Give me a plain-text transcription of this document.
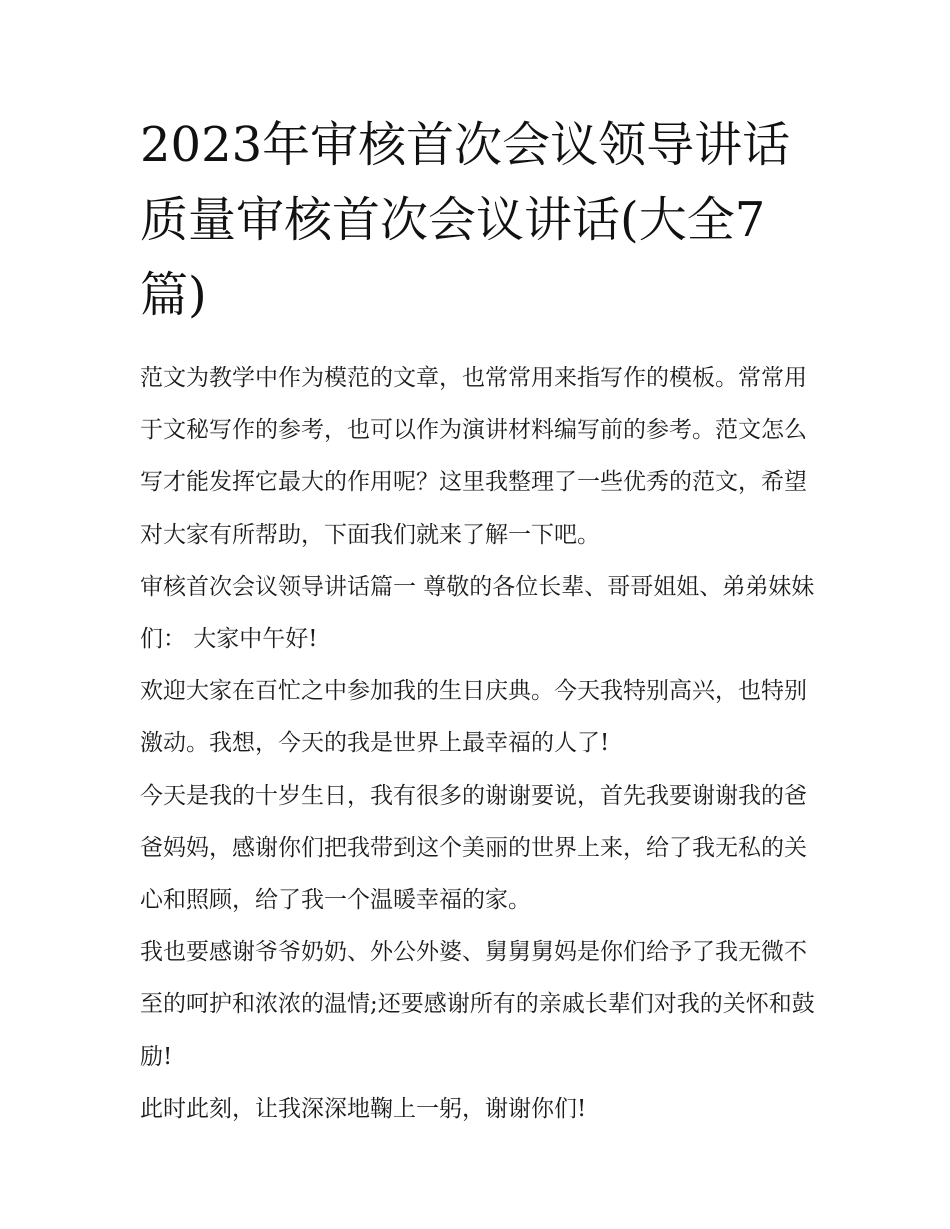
2023年审核首次会议领导讲话 质量审核首次会议讲话(大全7篇)

范文为教学中作为模范的文章，也常常用来指写作的模板。常常用于文秘写作的参考，也可以作为演讲材料编写前的参考。范文怎么写才能发挥它最大的作用呢？这里我整理了一些优秀的范文，希望对大家有所帮助，下面我们就来了解一下吧。

审核首次会议领导讲话篇一 尊敬的各位长辈、哥哥姐姐、弟弟妹妹们： 大家中午好!

欢迎大家在百忙之中参加我的生日庆典。今天我特别高兴，也特别激动。我想，今天的我是世界上最幸福的人了!

今天是我的十岁生日，我有很多的谢谢要说，首先我要谢谢我的爸爸妈妈，感谢你们把我带到这个美丽的世界上来，给了我无私的关心和照顾，给了我一个温暖幸福的家。

我也要感谢爷爷奶奶、外公外婆、舅舅舅妈是你们给予了我无微不至的呵护和浓浓的温情;还要感谢所有的亲戚长辈们对我的关怀和鼓励!

此时此刻，让我深深地鞠上一躬，谢谢你们!
